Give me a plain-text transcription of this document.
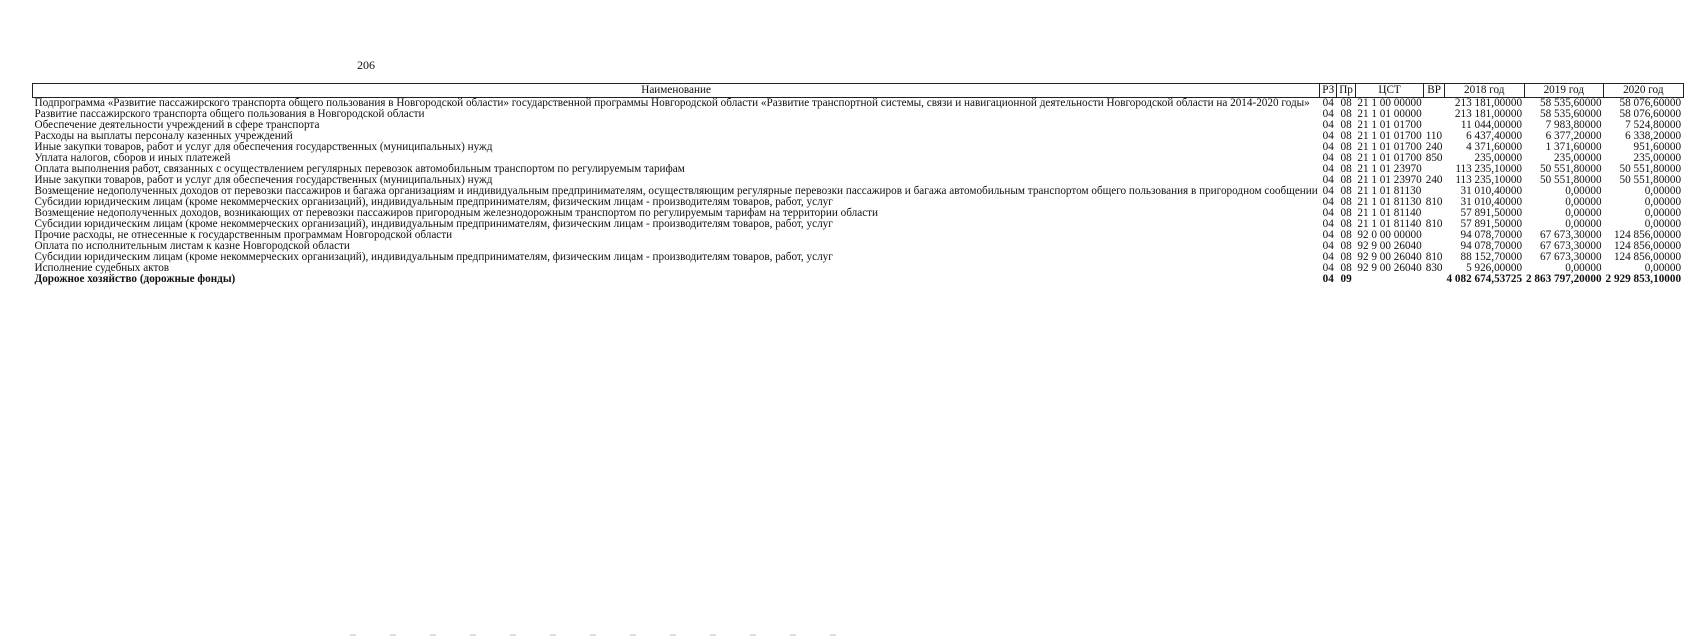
206
Наименование	РЗ	Пр	ЦСТ	ВР	2018 год	2019 год	2020 год
Подпрограмма «Развитие пассажирского транспорта общего пользования в Новгородской области» государственной программы Новгородской области «Развитие транспортной системы, связи и навигационной деятельности Новгородской области на 2014-2020 годы»	04	08	21 1 00 00000		213 181,00000	58 535,60000	58 076,60000
Развитие пассажирского транспорта общего пользования в Новгородской области	04	08	21 1 01 00000		213 181,00000	58 535,60000	58 076,60000
Обеспечение деятельности учреждений в сфере транспорта	04	08	21 1 01 01700		11 044,00000	7 983,80000	7 524,80000
Расходы на выплаты персоналу казенных учреждений	04	08	21 1 01 01700	110	6 437,40000	6 377,20000	6 338,20000
Иные закупки товаров, работ и услуг для обеспечения государственных (муниципальных) нужд	04	08	21 1 01 01700	240	4 371,60000	1 371,60000	951,60000
Уплата налогов, сборов и иных платежей	04	08	21 1 01 01700	850	235,00000	235,00000	235,00000
Оплата выполнения работ, связанных с осуществлением регулярных перевозок автомобильным транспортом по регулируемым тарифам	04	08	21 1 01 23970		113 235,10000	50 551,80000	50 551,80000
Иные закупки товаров, работ и услуг для обеспечения государственных (муниципальных) нужд	04	08	21 1 01 23970	240	113 235,10000	50 551,80000	50 551,80000
Возмещение недополученных доходов от перевозки пассажиров и багажа организациям и индивидуальным предпринимателям, осуществляющим регулярные перевозки пассажиров и багажа автомобильным транспортом общего пользования в пригородном сообщении	04	08	21 1 01 81130		31 010,40000	0,00000	0,00000
Субсидии юридическим лицам (кроме некоммерческих организаций), индивидуальным предпринимателям, физическим лицам - производителям товаров, работ, услуг	04	08	21 1 01 81130	810	31 010,40000	0,00000	0,00000
Возмещение недополученных доходов, возникающих от перевозки пассажиров пригородным железнодорожным транспортом по регулируемым тарифам на территории области	04	08	21 1 01 81140		57 891,50000	0,00000	0,00000
Субсидии юридическим лицам (кроме некоммерческих организаций), индивидуальным предпринимателям, физическим лицам - производителям товаров, работ, услуг	04	08	21 1 01 81140	810	57 891,50000	0,00000	0,00000
Прочие расходы, не отнесенные к государственным программам Новгородской области	04	08	92 0 00 00000		94 078,70000	67 673,30000	124 856,00000
Оплата по исполнительным листам к казне Новгородской области	04	08	92 9 00 26040		94 078,70000	67 673,30000	124 856,00000
Субсидии юридическим лицам (кроме некоммерческих организаций), индивидуальным предпринимателям, физическим лицам - производителям товаров, работ, услуг	04	08	92 9 00 26040	810	88 152,70000	67 673,30000	124 856,00000
Исполнение судебных актов	04	08	92 9 00 26040	830	5 926,00000	0,00000	0,00000
Дорожное хозяйство (дорожные фонды)	04	09			4 082 674,53725	2 863 797,20000	2 929 853,10000
